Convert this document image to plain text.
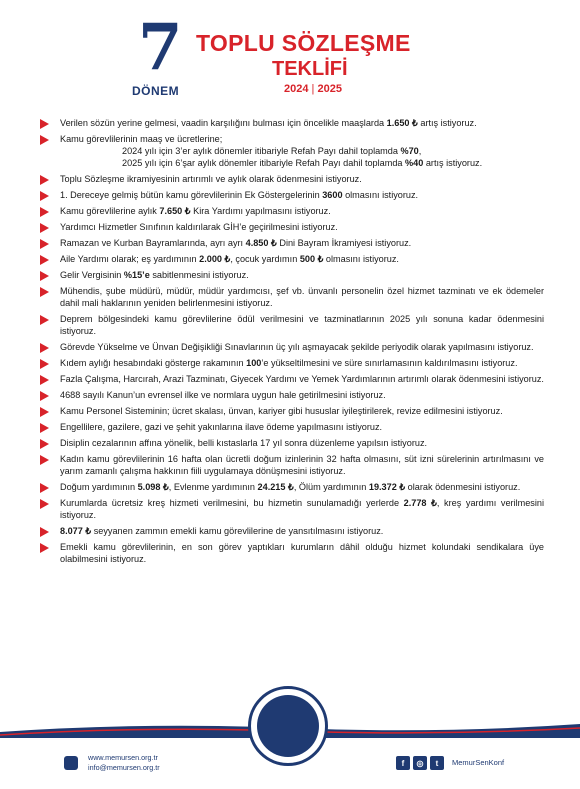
7
DÖNEM
TOPLU SÖZLEŞME
TEKLİFİ
2024 | 2025
Verilen sözün yerine gelmesi, vaadin karşılığını bulması için öncelikle maaşlarda 1.650 ₺ artış istiyoruz.
Kamu görevlilerinin maaş ve ücretlerine;
2024 yılı için 3’er aylık dönemler itibariyle Refah Payı dahil toplamda %70,
2025 yılı için 6’şar aylık dönemler itibariyle Refah Payı dahil toplamda %40 artış istiyoruz.
Toplu Sözleşme ikramiyesinin artırımlı ve aylık olarak ödenmesini istiyoruz.
1. Dereceye gelmiş bütün kamu görevlilerinin Ek Göstergelerinin 3600 olmasını istiyoruz.
Kamu görevlilerine aylık 7.650 ₺ Kira Yardımı yapılmasını istiyoruz.
Yardımcı Hizmetler Sınıfının kaldırılarak GİH’e geçirilmesini istiyoruz.
Ramazan ve Kurban Bayramlarında, ayrı ayrı 4.850 ₺ Dini Bayram İkramiyesi istiyoruz.
Aile Yardımı olarak; eş yardımının 2.000 ₺, çocuk yardımın 500 ₺ olmasını istiyoruz.
Gelir Vergisinin %15’e sabitlenmesini istiyoruz.
Mühendis, şube müdürü, müdür, müdür yardımcısı, şef vb. ünvanlı personelin özel hizmet tazminatı ve ek ödemeler dahil mali haklarının yeniden belirlenmesini istiyoruz.
Deprem bölgesindeki kamu görevlilerine ödül verilmesini ve tazminatlarının 2025 yılı sonuna kadar ödenmesini istiyoruz.
Görevde Yükselme ve Ünvan Değişikliği Sınavlarının üç yılı aşmayacak şekilde periyodik olarak yapılmasını istiyoruz.
Kıdem aylığı hesabındaki gösterge rakamının 100’e yükseltilmesini ve süre sınırlamasının kaldırılmasını istiyoruz.
Fazla Çalışma, Harcırah, Arazi Tazminatı, Giyecek Yardımı ve Yemek Yardımlarının artırımlı olarak ödenmesini istiyoruz.
4688 sayılı Kanun’un evrensel ilke ve normlara uygun hale getirilmesini istiyoruz.
Kamu Personel Sisteminin; ücret skalası, ünvan, kariyer gibi hususlar iyileştirilerek, revize edilmesini istiyoruz.
Engellilere, gazilere, gazi ve şehit yakınlarına ilave ödeme yapılmasını istiyoruz.
Disiplin cezalarının affına yönelik, belli kıstaslarla 17 yıl sonra düzenleme yapılsın istiyoruz.
Kadın kamu görevlilerinin 16 hafta olan ücretli doğum izinlerinin 32 hafta olmasını, süt izni sürelerinin artırılmasını ve yarım zamanlı çalışma hakkının fiili uygulamaya dönüşmesini istiyoruz.
Doğum yardımının 5.098 ₺, Evlenme yardımının 24.215 ₺, Ölüm yardımının 19.372 ₺ olarak ödenmesini istiyoruz.
Kurumlarda ücretsiz kreş hizmeti verilmesini, bu hizmetin sunulamadığı yerlerde 2.778 ₺, kreş yardımı verilmesini istiyoruz.
8.077 ₺ seyyanen zammın emekli kamu görevlilerine de yansıtılmasını istiyoruz.
Emekli kamu görevlilerinin, en son görev yaptıkları kurumların dâhil olduğu hizmet kolundaki sendikalara üye olabilmesini istiyoruz.
www.memursen.org.tr
info@memursen.org.tr	f	◎	t	MemurSenKonf
